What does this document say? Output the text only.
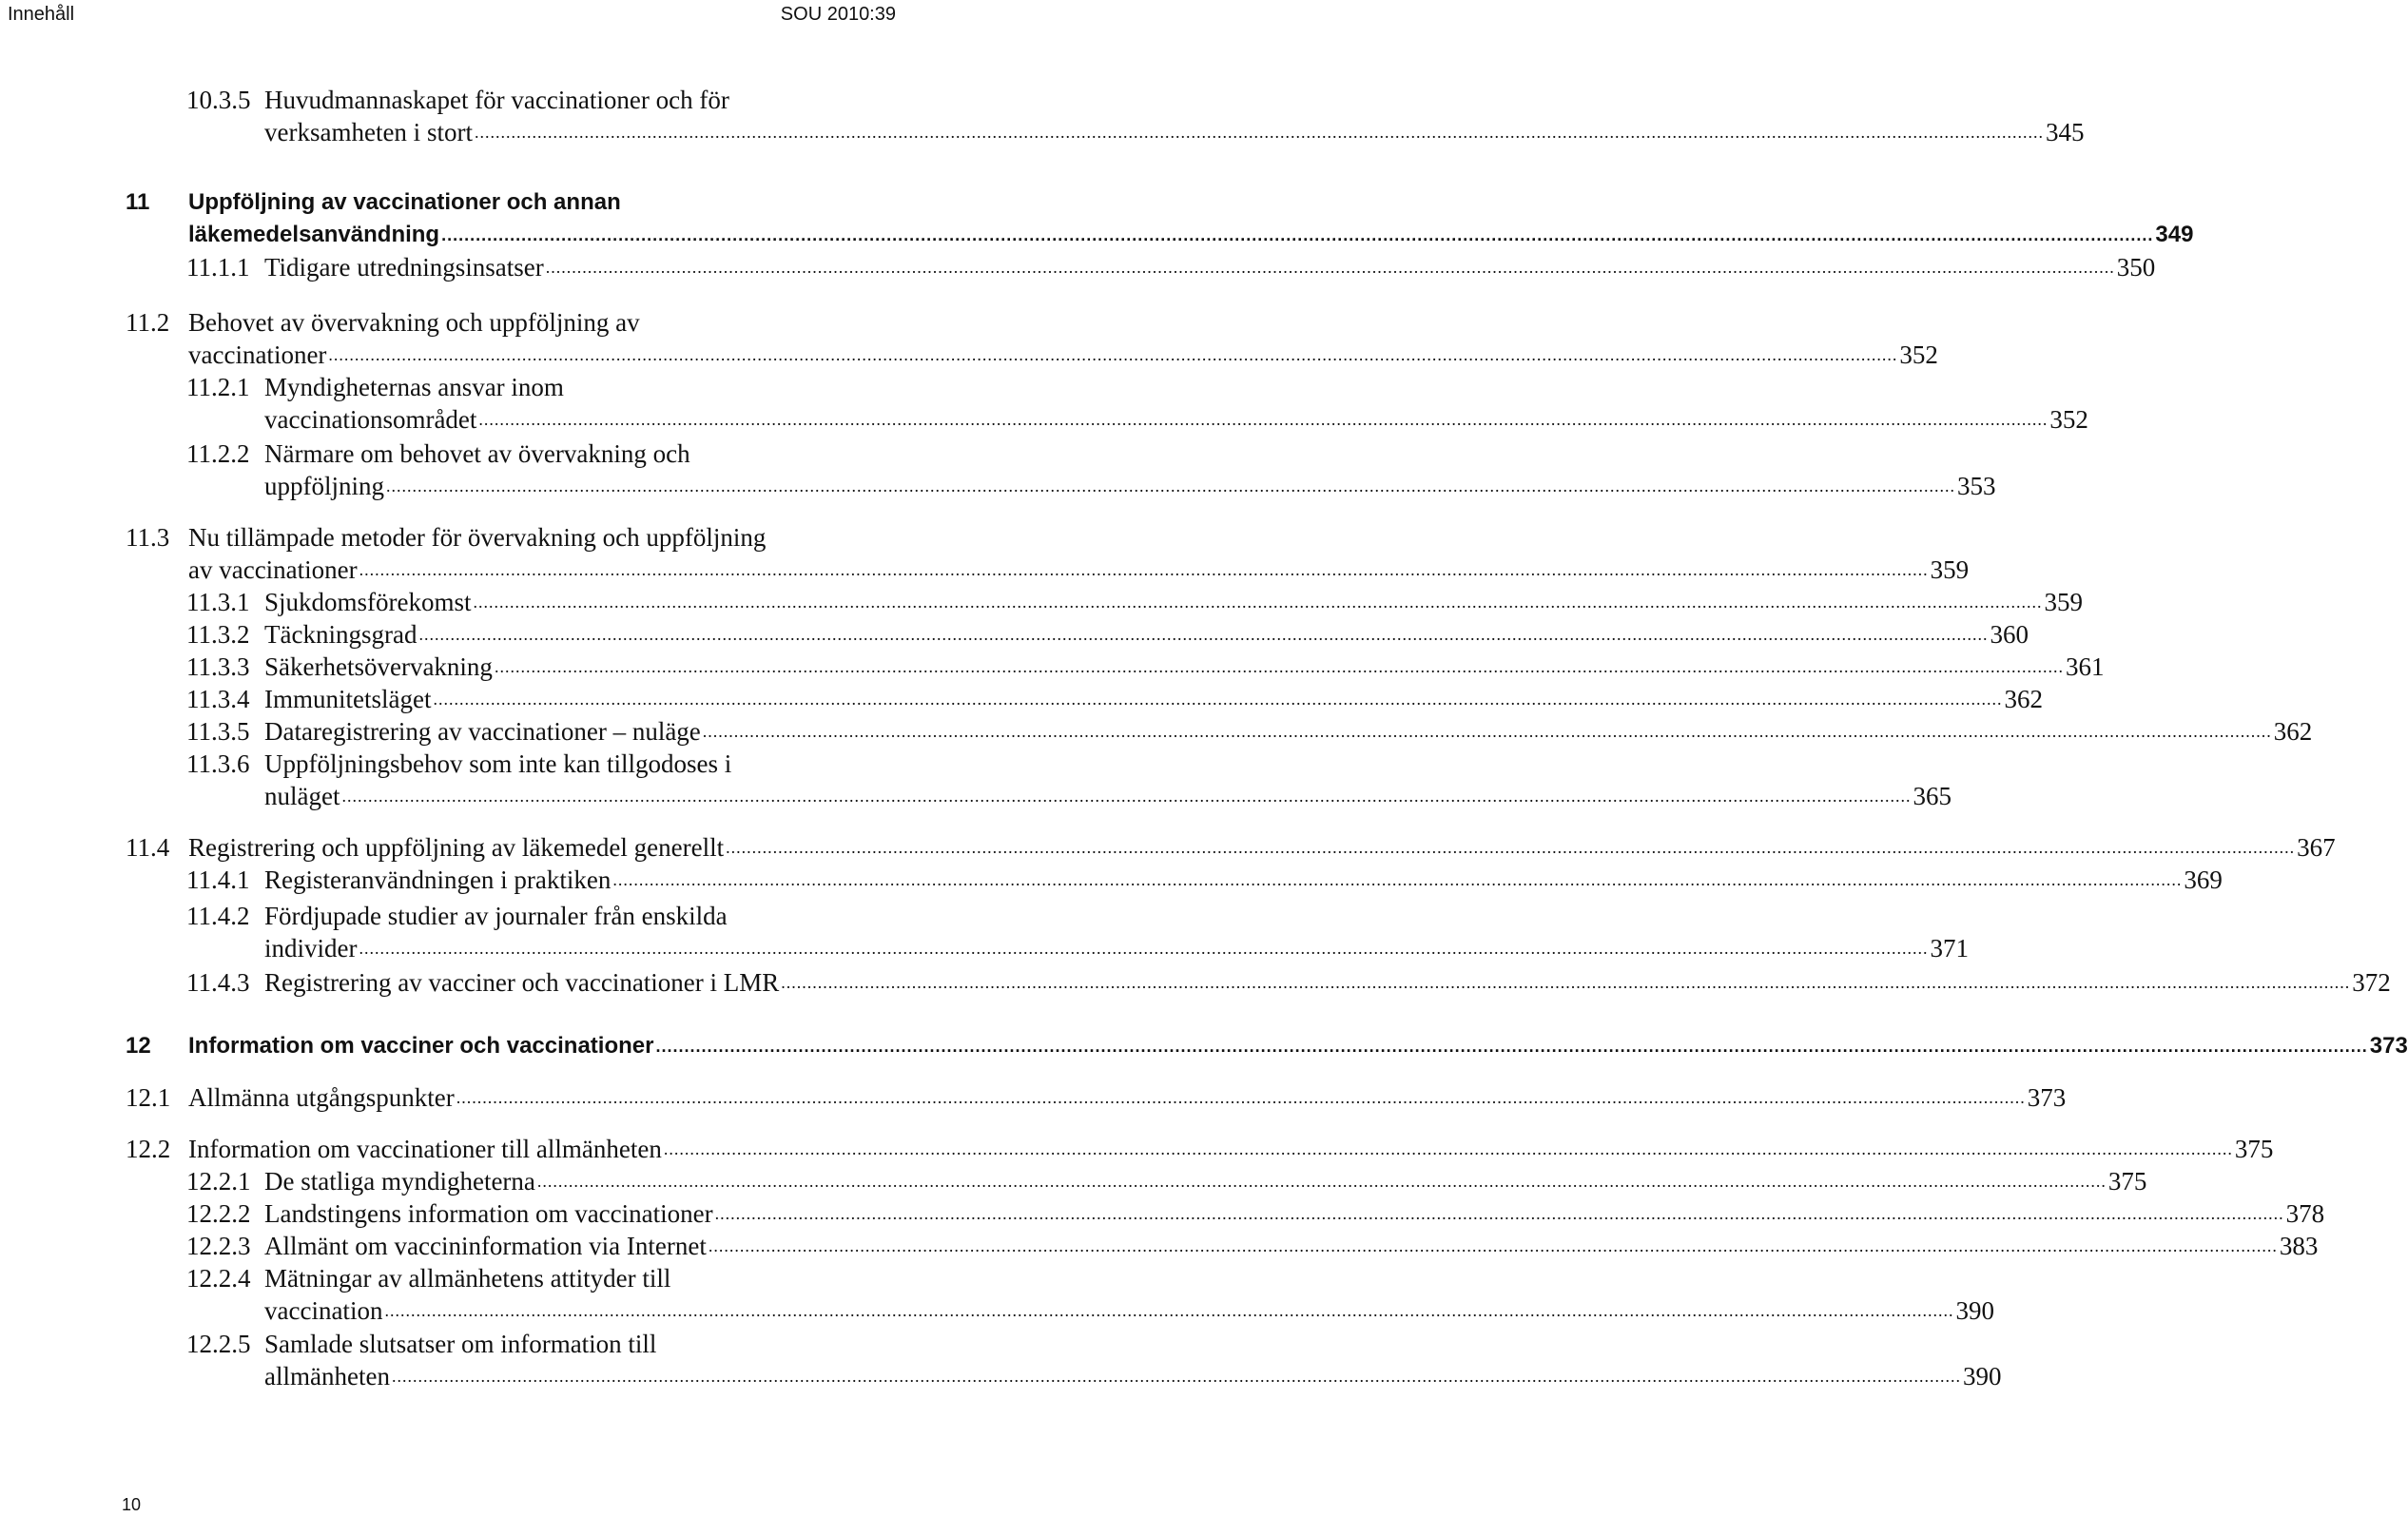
Innehåll	SOU 2010:39
10.3.5 Huvudmannaskapet för vaccinationer och för
verksamheten i stort ............................................................................................................................................................................................................................................................................................................ 345
11 Uppföljning av vaccinationer och annan
läkemedelsanvändning ............................................................................................................................................................................................................................................................................................................ 349
11.1.1 Tidigare utredningsinsatser ............................................................................................................................................................................................................................................................................................................ 350
11.2 Behovet av övervakning och uppföljning av
vaccinationer ............................................................................................................................................................................................................................................................................................................ 352
11.2.1 Myndigheternas ansvar inom
vaccinationsområdet ............................................................................................................................................................................................................................................................................................................ 352
11.2.2 Närmare om behovet av övervakning och
uppföljning ............................................................................................................................................................................................................................................................................................................ 353
11.3 Nu tillämpade metoder för övervakning och uppföljning
av vaccinationer ............................................................................................................................................................................................................................................................................................................ 359
11.3.1 Sjukdomsförekomst ............................................................................................................................................................................................................................................................................................................ 359
11.3.2 Täckningsgrad ............................................................................................................................................................................................................................................................................................................ 360
11.3.3 Säkerhetsövervakning ............................................................................................................................................................................................................................................................................................................ 361
11.3.4 Immunitetsläget ............................................................................................................................................................................................................................................................................................................ 362
11.3.5 Dataregistrering av vaccinationer – nuläge ............................................................................................................................................................................................................................................................................................................ 362
11.3.6 Uppföljningsbehov som inte kan tillgodoses i
nuläget ............................................................................................................................................................................................................................................................................................................ 365
11.4 Registrering och uppföljning av läkemedel generellt ............................................................................................................................................................................................................................................................................................................ 367
11.4.1 Registeranvändningen i praktiken ............................................................................................................................................................................................................................................................................................................ 369
11.4.2 Fördjupade studier av journaler från enskilda
individer ............................................................................................................................................................................................................................................................................................................ 371
11.4.3 Registrering av vacciner och vaccinationer i LMR ............................................................................................................................................................................................................................................................................................................ 372
12 Information om vacciner och vaccinationer ............................................................................................................................................................................................................................................................................................................ 373
12.1 Allmänna utgångspunkter ............................................................................................................................................................................................................................................................................................................ 373
12.2 Information om vaccinationer till allmänheten ............................................................................................................................................................................................................................................................................................................ 375
12.2.1 De statliga myndigheterna ............................................................................................................................................................................................................................................................................................................ 375
12.2.2 Landstingens information om vaccinationer ............................................................................................................................................................................................................................................................................................................ 378
12.2.3 Allmänt om vaccininformation via Internet ............................................................................................................................................................................................................................................................................................................ 383
12.2.4 Mätningar av allmänhetens attityder till
vaccination ............................................................................................................................................................................................................................................................................................................ 390
12.2.5 Samlade slutsatser om information till
allmänheten ............................................................................................................................................................................................................................................................................................................ 390
10
